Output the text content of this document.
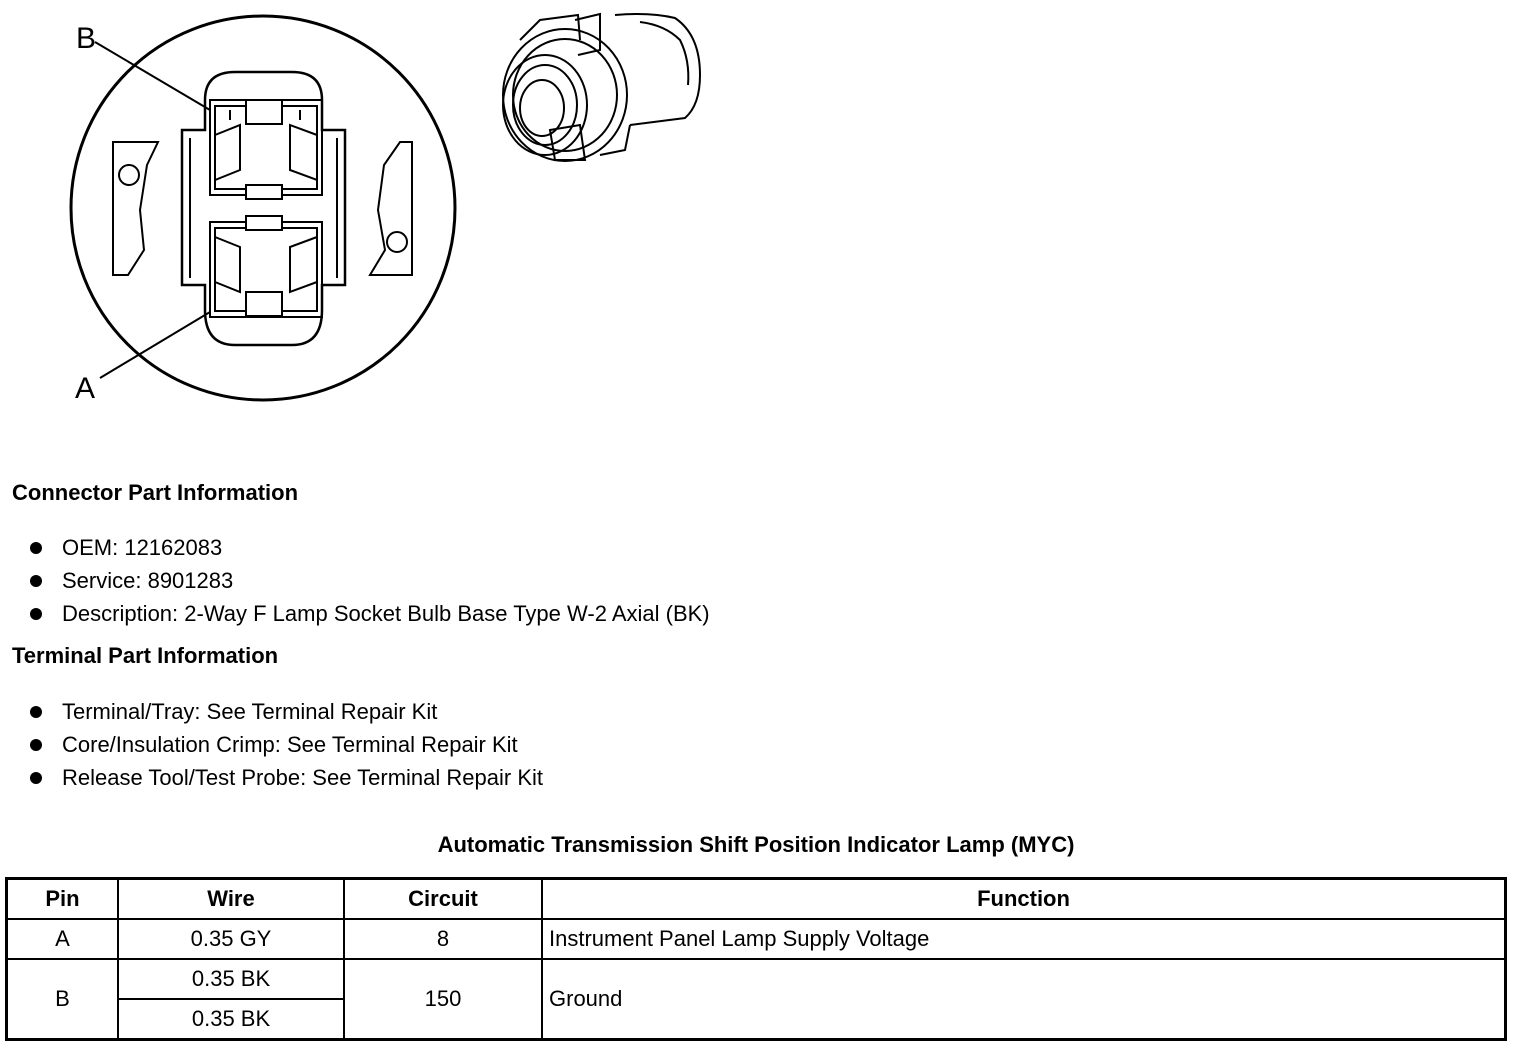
B
A
Connector Part Information
OEM: 12162083
Service: 8901283
Description: 2-Way F Lamp Socket Bulb Base Type W-2 Axial (BK)
Terminal Part Information
Terminal/Tray: See Terminal Repair Kit
Core/Insulation Crimp: See Terminal Repair Kit
Release Tool/Test Probe: See Terminal Repair Kit
Automatic Transmission Shift Position Indicator Lamp (MYC)
Pin	Wire	Circuit	Function
A	0.35 GY	8	Instrument Panel Lamp Supply Voltage
B	0.35 BK	150	Ground
	0.35 BK		
